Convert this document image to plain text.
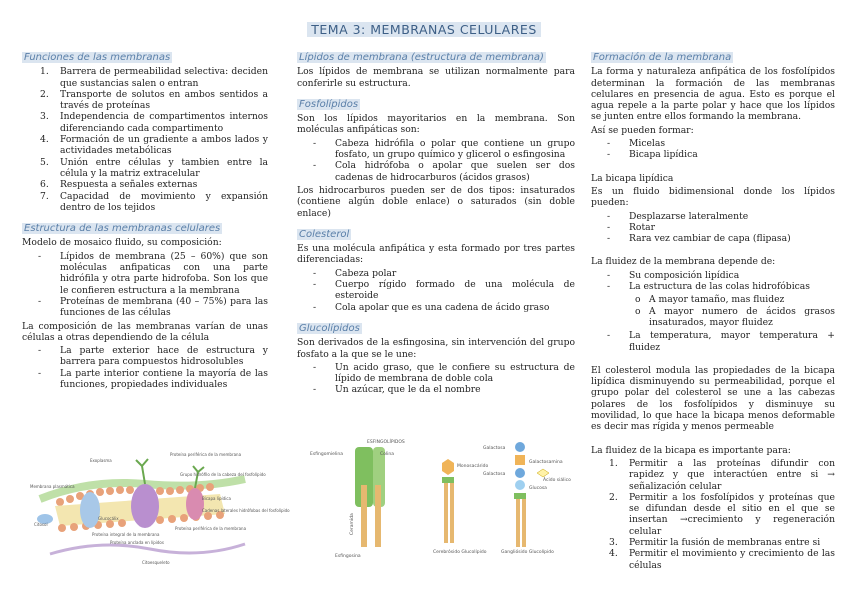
TEMA 3: MEMBRANAS CELULARES
Funciones de las membranas
1.	Barrera de permeabilidad selectiva: deciden que sustancias salen o entran
2.	Transporte de solutos en ambos sentidos a través de proteínas
3.	Independencia de compartimentos internos diferenciando cada compartimento
4.	Formación de un gradiente a ambos lados y actividades metabólicas
5.	Unión entre células y tambien entre la célula y la matriz extracelular
6.	Respuesta a señales externas
7.	Capacidad de movimiento y expansión dentro de los tejidos
Estructura de las membranas celulares

Modelo de mosaico fluido, su composición:

- Lípidos de membrana (25 – 60%) que son moléculas anfipaticas con una parte hidrófila y otra parte hidrofoba. Son los que le confieren estructura a la membrana
- Proteínas de membrana (40 – 75%) para las funciones de las células

La composición de las membranas varían de unas células a otras dependiendo de la célula

- La parte exterior hace de estructura y barrera para compuestos hidrosolubles
- La parte interior contiene la mayoría de las funciones, propiedades individuales
Exoplasma
Proteína periférica de la membrana
Membrana plasmática
Grupo hidrófilo de la cabeza del fosfolípido
Bicapa lipídica
Cadenas laterales hidrófobas del fosfolípido
Citosol
Proteína integral de la membrana
Proteína anclada en lípidos
Proteína periférica de la membrana
Citoesqueleto
Glucocálix
Lípidos de membrana (estructura de membrana)

Los lípidos de membrana se utilizan normalmente para conferirle su estructura.

Fosfolípidos

Son los lípidos mayoritarios en la membrana. Son moléculas anfipáticas son:

- Cabeza hidrófila o polar que contiene un grupo fosfato, un grupo químico y glicerol o esfingosina
- Cola hidrófoba o apolar que suelen ser dos cadenas de hidrocarburos (ácidos grasos)

Los hidrocarburos pueden ser de dos tipos: insaturados (contiene algún doble enlace) o saturados (sin doble enlace)

Colesterol

Es una molécula anfipática y esta formado por tres partes diferenciadas:

- Cabeza polar
- Cuerpo rígido formado de una molécula de esteroide
- Cola apolar que es una cadena de ácido graso
Glucolípidos

Son derivados de la esfingosina, sin intervención del grupo fosfato a la que se le une:

- Un acido graso, que le confiere su estructura de lípido de membrana de doble cola
- Un azúcar, que le da el nombre
ESFINGOLÍPIDOS
Esfingomielina	Colina
Ceramida
Esfingosina
Monosacárido
Cerebrósido Glucolípido
Galactosa
Galactosamina
Ácido siálico
Galactosa
Glucosa
Gangliósido Glucolípido
Formación de la membrana

La forma y naturaleza anfipática de los fosfolípidos determinan la formación de las membranas celulares en presencia de agua. Esto es porque el agua repele a la parte polar y hace que los lípidos se junten entre ellos formando la membrana.

Así se pueden formar:

- Micelas
- Bicapa lipídica

La bicapa lipídica

Es un fluido bidimensional donde los lípidos pueden:

- Desplazarse lateralmente
- Rotar
- Rara vez cambiar de capa (flipasa)

La fluidez de la membrana depende de:

- Su composición lipídica
- La estructura de las colas hidrofóbicas
o A mayor tamaño, mas fluidez
o A mayor numero de ácidos grasos insaturados, mayor fluidez
- La temperatura, mayor temperatura + fluidez

El colesterol modula las propiedades de la bicapa lipídica disminuyendo su permeabilidad, porque el grupo polar del colesterol se une a las cabezas polares de los fosfolípidos y disminuye su movilidad, lo que hace la bicapa menos deformable es decir mas rígida y menos permeable

La fluidez de la bicapa es importante para:

1.	Permitir a las proteínas difundir con rapidez y que interactúen entre si → señalización celular
2.	Permitir a los fosfolípidos y proteínas que se difundan desde el sitio en el que se insertan →crecimiento y regeneración celular
3.	Permitir la fusión de membranas entre si
4.	Permitir el movimiento y crecimiento de las células
